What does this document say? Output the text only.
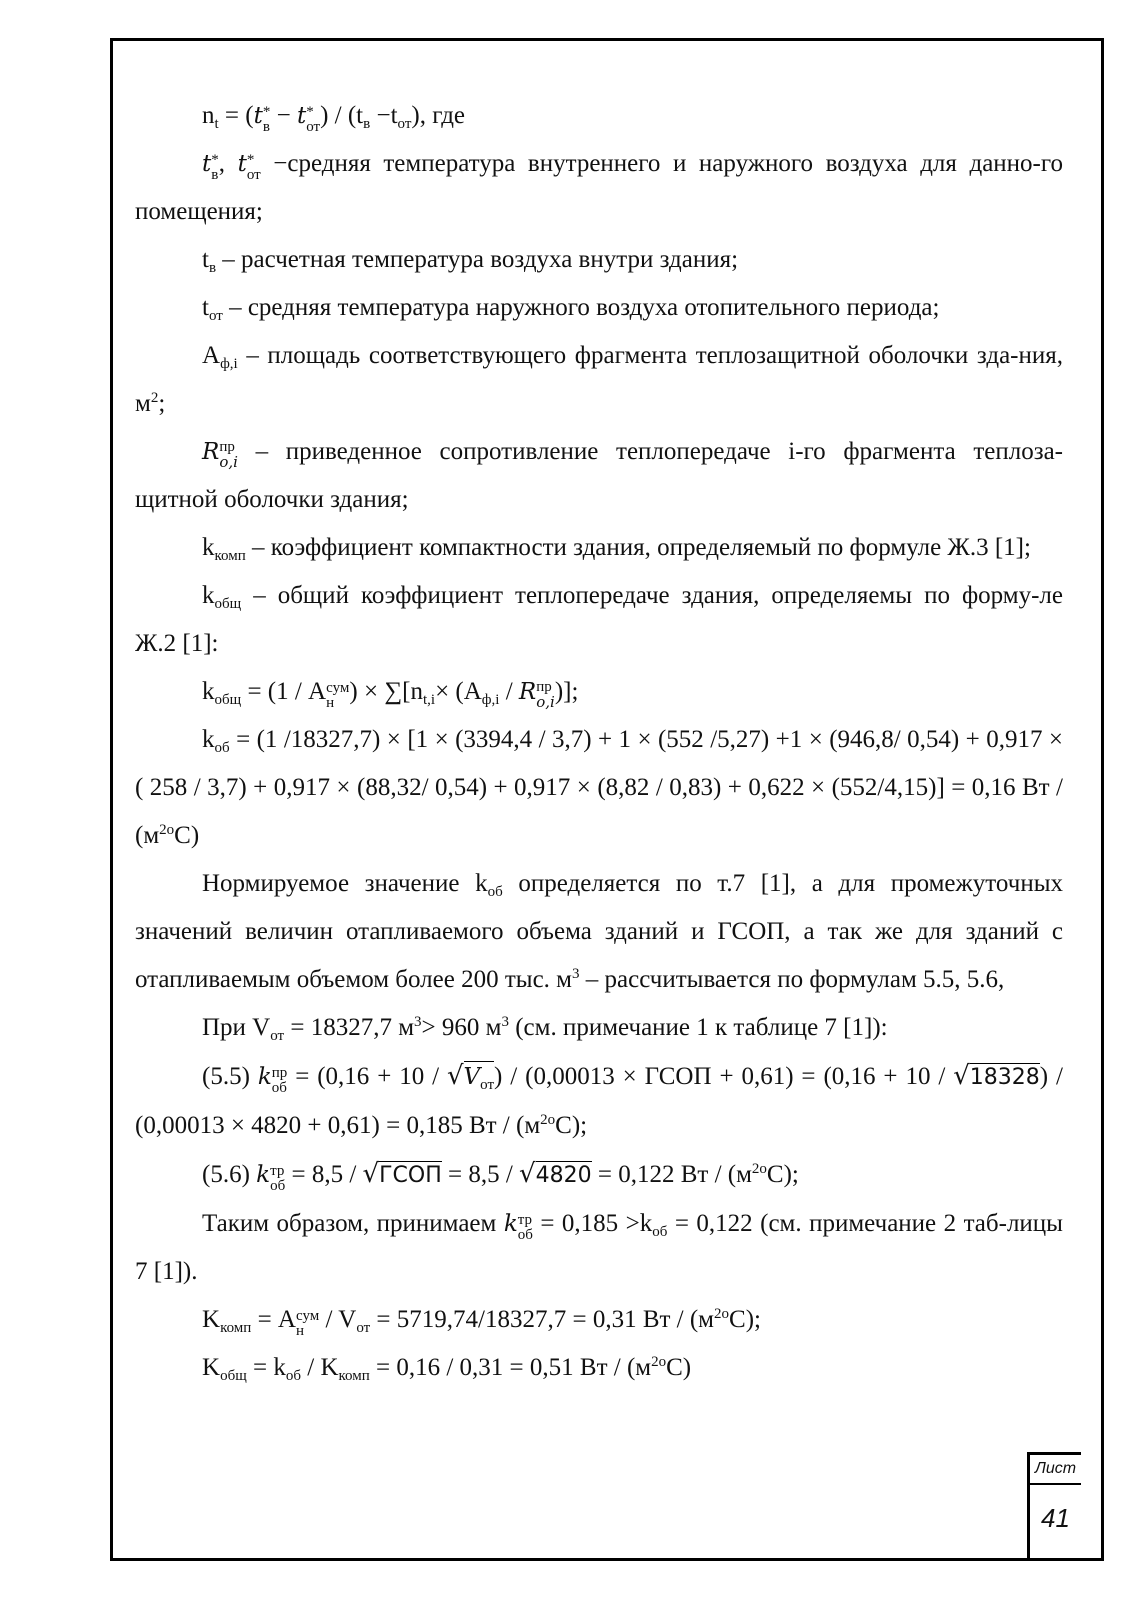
$n_t = (t$ *
в − t *
от ) / $(t_в -t_{от})$, где

t *
в , t *
от −средняя температура внутреннего и наружного воздуха для данно-го помещения;

$t_в$ – расчетная температура воздуха внутри здания;

$t_{от}$ – средняя температура наружного воздуха отопительного периода;

$A_{ф,i}$ – площадь соответствующего фрагмента теплозащитной оболочки зда-ния, $м^2$;

R пр
o,i – приведенное сопротивление теплопередаче i-го фрагмента теплоза-щитной оболочки здания;

$k_{комп}$ – коэффициент компактности здания, определяемый по формуле Ж.3 [1];

$k_{общ}$ – общий коэффициент теплопередаче здания, определяемы по форму-ле Ж.2 [1]:

$k_{общ} = (1 / A$ сум
н ) × $\sum[n_{t,i}\times (A_{ф,i} / R$ пр
o,i )];

$k_{об} = (1$ /18327,7) × [1 × (3394,4 / 3,7) + 1 × (552 /5,27) +1 × (946,8/ 0,54) + 0,917 × ( 258 / 3,7) + 0,917 × (88,32/ 0,54) + 0,917 × (8,82 / 0,83) + 0,622 × (552/4,15)] = 0,16 Вт / $(м^{2о}С)$

Нормируемое значение $k_{об}$ определяется по т.7 [1], а для промежуточных значений величин отапливаемого объема зданий и ГСОП, а так же для зданий с отапливаемым объемом более 200 тыс. $м^3$ – рассчитывается по формулам 5.5, 5.6,

При $V_{от} = 18327,7$ $м^3> 960$ $м^3$ (см. примечание 1 к таблице 7 [1]):

(5.5) k пр
об = $(0,16 + 10 / √V_{от}) / (0,00013$ × ГСОП + 0,61) = (0,16 + 10 / √18328) / (0,00013 × 4820 + 0,61) = 0,185 Вт / $(м^{2о}С)$;

(5.6) k тр
об = 8,5 / √ГСОП = 8,5 / √4820 = 0,122 Вт / $(м^{2о}С)$;

Таким образом, принимаем k тр
об = $0,185 >k_{об} = 0,122$ (см. примечание 2 таб-лицы 7 [1]).

$K_{комп} = A$ сум
$н / V_{от} = 5719,74/18327,7 = 0,31$ Вт / $(м^{2о}С)$;

$K_{общ} = k_{об} / K_{комп} = 0,16 / 0,31 = 0,51$ Вт / $(м^{2о}С)$

Лист
41
